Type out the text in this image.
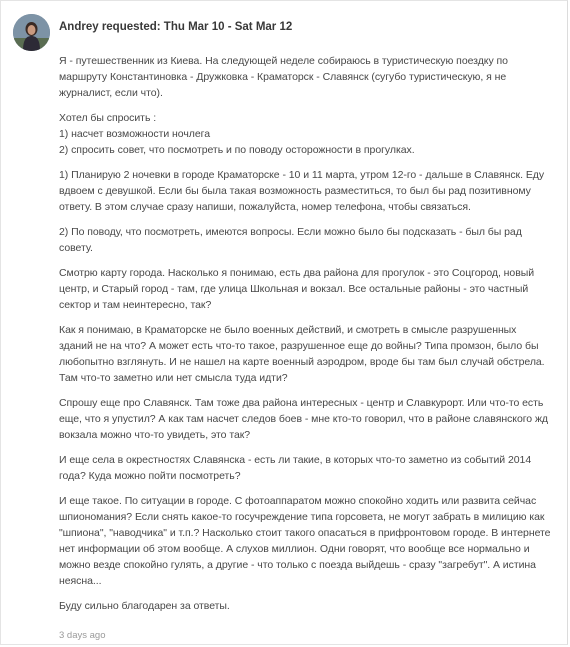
Andrey requested: Thu Mar 10 - Sat Mar 12

Я - путешественник из Киева. На следующей неделе собираюсь в туристическую поездку по маршруту Константиновка - Дружковка - Краматорск - Славянск (сугубо туристическую, я не журналист, если что).

Хотел бы спросить :
1) насчет возможности ночлега
2) спросить совет, что посмотреть и по поводу осторожности в прогулках.

1) Планирую 2 ночевки в городе Краматорске - 10 и 11 марта, утром 12-го - дальше в Славянск. Еду вдвоем с девушкой. Если бы была такая возможность разместиться, то был бы рад позитивному ответу. В этом случае сразу напиши, пожалуйста, номер телефона, чтобы связаться.

2) По поводу, что посмотреть, имеются вопросы. Если можно было бы подсказать - был бы рад совету.

Смотрю карту города. Насколько я понимаю, есть два района для прогулок - это Соцгород, новый центр, и Старый город - там, где улица Школьная и вокзал. Все остальные районы - это частный сектор и там неинтересно, так?

Как я понимаю, в Краматорске не было военных действий, и смотреть в смысле разрушенных зданий не на что? А может есть что-то такое, разрушенное еще до войны? Типа промзон, было бы любопытно взглянуть. И не нашел на карте военный аэродром, вроде бы там был случай обстрела. Там что-то заметно или нет смысла туда идти?

Спрошу еще про Славянск. Там тоже два района интересных - центр и Славкурорт. Или что-то есть еще, что я упустил? А как там насчет следов боев - мне кто-то говорил, что в районе славянского жд вокзала можно что-то увидеть, это так?

И еще села в окрестностях Славянска - есть ли такие, в которых что-то заметно из событий 2014 года? Куда можно пойти посмотреть?

И еще такое. По ситуации в городе. С фотоаппаратом можно спокойно ходить или развита сейчас шпиономания? Если снять какое-то госучреждение типа горсовета, не могут забрать в милицию как "шпиона", "наводчика" и т.п.? Насколько стоит такого опасаться в прифронтовом городе. В интернете нет информации об этом вообще. А слухов миллион. Одни говорят, что вообще все нормально и можно везде спокойно гулять, а другие - что только с поезда выйдешь - сразу "загребут". А истина неясна...

Буду сильно благодарен за ответы.

3 days ago
